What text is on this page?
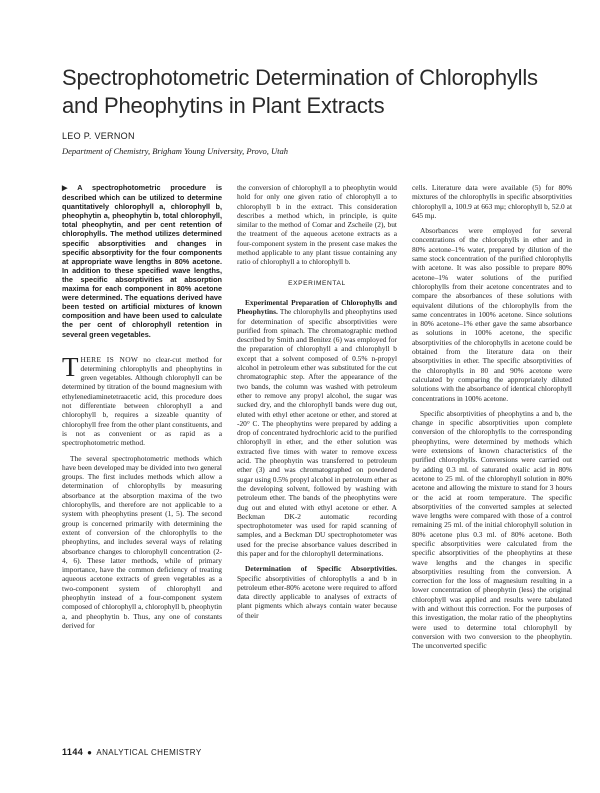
Spectrophotometric Determination of Chlorophylls and Pheophytins in Plant Extracts
LEO P. VERNON
Department of Chemistry, Brigham Young University, Provo, Utah

▶ A spectrophotometric procedure is described which can be utilized to determine quantitatively chlorophyll a, chlorophyll b, pheophytin a, pheophytin b, total chlorophyll, total pheophytin, and per cent retention of chlorophylls. The method utilizes determined specific absorptivities and changes in specific absorptivity for the four components at appropriate wave lengths in 80% acetone. In addition to these specified wave lengths, the specific absorptivities at absorption maxima for each component in 80% acetone were determined. The equations derived have been tested on artificial mixtures of known composition and have been used to calculate the per cent of chlorophyll retention in several green vegetables.

THERE IS NOW no clear-cut method for determining chlorophylls and pheophytins in green vegetables. Although chlorophyll can be determined by titration of the bound magnesium with ethylenediaminetetraacetic acid, this procedure does not differentiate between chlorophyll a and chlorophyll b, requires a sizeable quantity of chlorophyll free from the other plant constituents, and is not as convenient or as rapid as a spectrophotometric method.

The several spectrophotometric methods which have been developed may be divided into two general groups. The first includes methods which allow a determination of chlorophylls by measuring absorbance at the absorption maxima of the two chlorophylls, and therefore are not applicable to a system with pheophytins present (1, 5). The second group is concerned primarily with determining the extent of conversion of the chlorophylls to the pheophytins, and includes several ways of relating absorbance changes to chlorophyll concentration (2-4, 6). These latter methods, while of primary importance, have the common deficiency of treating aqueous acetone extracts of green vegetables as a two-component system of chlorophyll and pheophytin instead of a four-component system composed of chlorophyll a, chlorophyll b, pheophytin a, and pheophytin b. Thus, any one of constants derived for

the conversion of chlorophyll a to pheophytin would hold for only one given ratio of chlorophyll a to chlorophyll b in the extract. This consideration describes a method which, in principle, is quite similar to the method of Comar and Zscheile (2), but the treatment of the aqueous acetone extracts as a four-component system in the present case makes the method applicable to any plant tissue containing any ratio of chlorophyll a to chlorophyll b.

EXPERIMENTAL

Experimental Preparation of Chlorophylls and Pheophytins. The chlorophylls and pheophytins used for determination of specific absorptivities were purified from spinach. The chromatographic method described by Smith and Benitez (6) was employed for the preparation of chlorophyll a and chlorophyll b except that a solvent composed of 0.5% n-propyl alcohol in petroleum ether was substituted for the cut chromatographic step. After the appearance of the two bands, the column was washed with petroleum ether to remove any propyl alcohol, the sugar was sucked dry, and the chlorophyll bands were dug out, eluted with ethyl ether acetone or ether, and stored at -20° C. The pheophytins were prepared by adding a drop of concentrated hydrochloric acid to the purified chlorophyll in ether, and the ether solution was extracted five times with water to remove excess acid. The pheophytin was transferred to petroleum ether (3) and was chromatographed on powdered sugar using 0.5% propyl alcohol in petroleum ether as the developing solvent, followed by washing with petroleum ether. The bands of the pheophytins were dug out and eluted with ethyl acetone or ether. A Beckman DK-2 automatic recording spectrophotometer was used for rapid scanning of samples, and a Beckman DU spectrophotometer was used for the precise absorbance values described in this paper and for the chlorophyll determinations.

Determination of Specific Absorptivities. Specific absorptivities of chlorophylls a and b in petroleum ether-80% acetone were required to afford data directly applicable to analyses of extracts of plant pigments which always contain water because of their

cells. Literature data were available (5) for 80% mixtures of the chlorophylls in specific absorptivities chlorophyll a, 100.9 at 663 mμ; chlorophyll b, 52.0 at 645 mμ.

Absorbances were employed for several concentrations of the chlorophylls in ether and in 80% acetone–1% water, prepared by dilution of the same stock concentration of the purified chlorophylls with acetone. It was also possible to prepare 80% acetone–1% water solutions of the purified chlorophylls from their acetone concentrates and to compare the absorbances of these solutions with equivalent dilutions of the chlorophylls from the same concentrates in 100% acetone. Since solutions in 80% acetone–1% ether gave the same absorbance as solutions in 100% acetone, the specific absorptivities of the chlorophylls in acetone could be obtained from the literature data on their absorptivities in ether. The specific absorptivities of the chlorophylls in 80 and 90% acetone were calculated by comparing the appropriately diluted solutions with the absorbance of identical chlorophyll concentrations in 100% acetone.

Specific absorptivities of pheophytins a and b, the change in specific absorptivities upon complete conversion of the chlorophylls to the corresponding pheophytins, were determined by methods which were extensions of known characteristics of the purified chlorophylls. Conversions were carried out by adding 0.3 ml. of saturated oxalic acid in 80% acetone to 25 ml. of the chlorophyll solution in 80% acetone and allowing the mixture to stand for 3 hours or the acid at room temperature. The specific absorptivities of the converted samples at selected wave lengths were compared with those of a control remaining 25 ml. of the initial chlorophyll solution in 80% acetone plus 0.3 ml. of 80% acetone. Both specific absorptivities were calculated from the specific absorptivities of the pheophytins at these wave lengths and the changes in specific absorptivities resulting from the conversion. A correction for the loss of magnesium resulting in a lower concentration of pheophytin (less) the original chlorophyll was applied and results were tabulated with and without this correction. For the purposes of this investigation, the molar ratio of the pheophytins were used to determine total chlorophyll by conversion with two conversion to the pheophytin. The unconverted specific

1144 ● ANALYTICAL CHEMISTRY
